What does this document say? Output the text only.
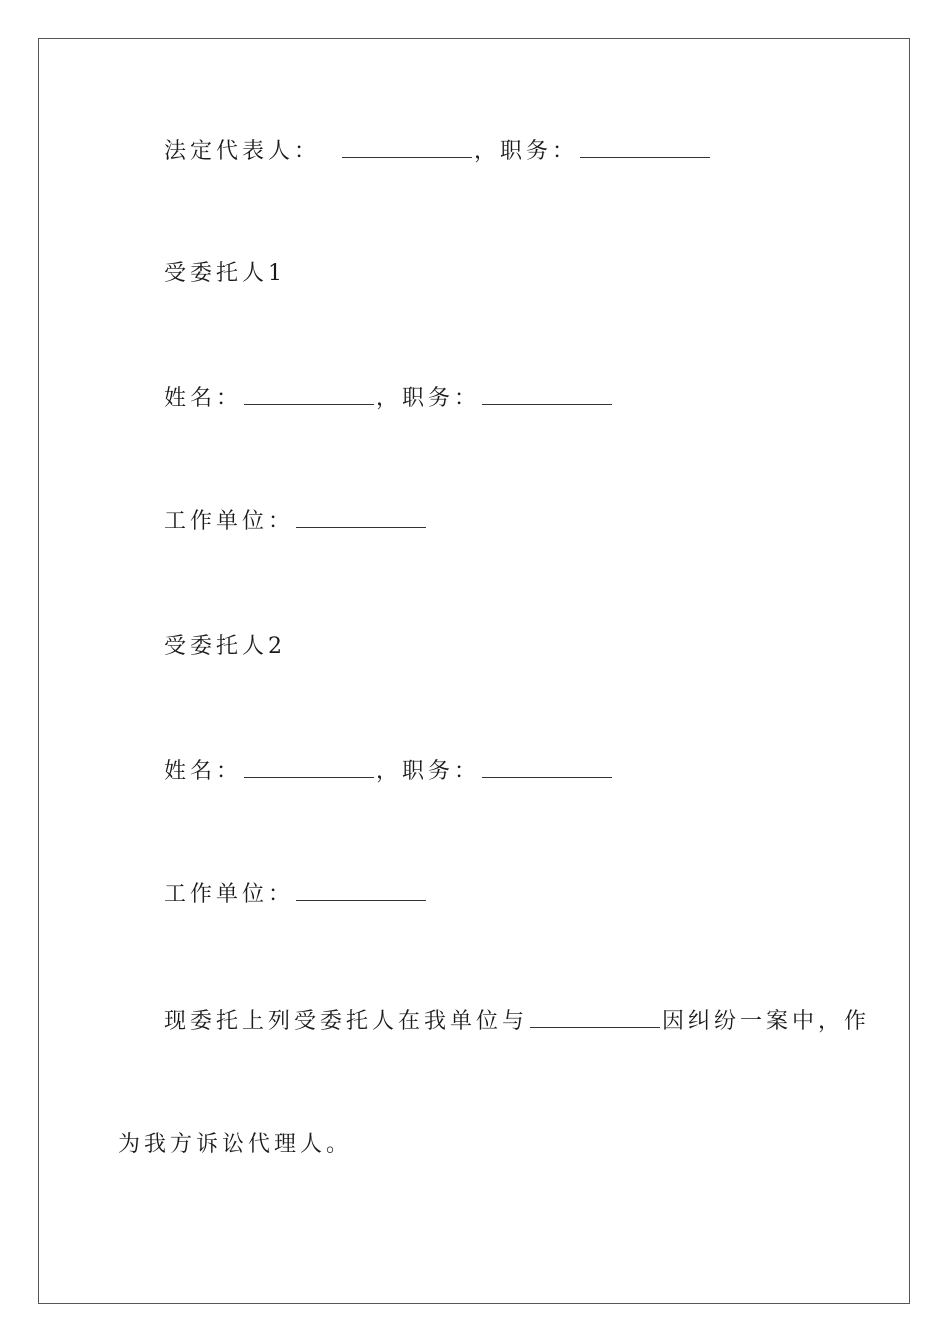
法定代表人：	，职务：
受委托人1
姓名：	，职务：
工作单位：
受委托人2
姓名：	，职务：
工作单位：
现委托上列受委托人在我单位与	因纠纷一案中，作
为我方诉讼代理人。
